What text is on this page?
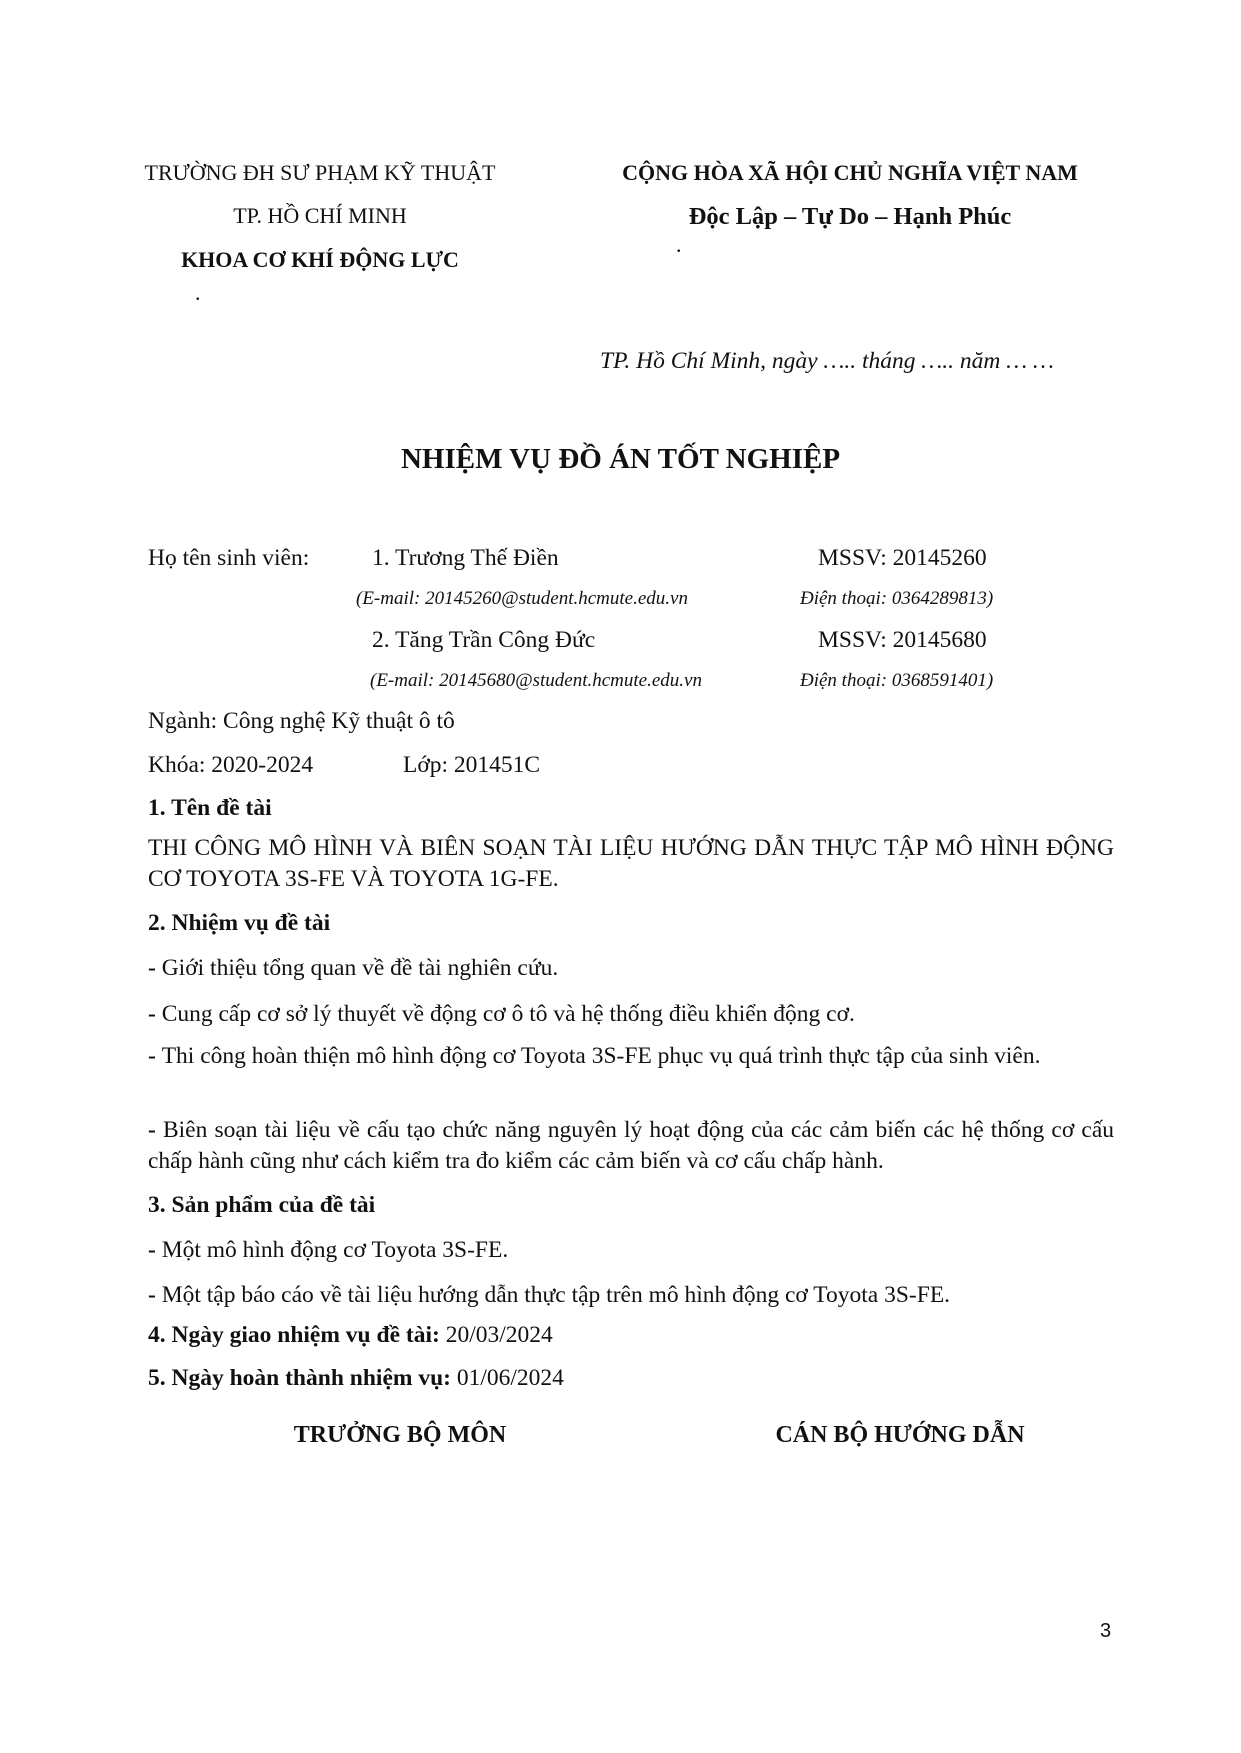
TRƯỜNG ĐH SƯ PHẠM KỸ THUẬT
TP. HỒ CHÍ MINH
KHOA CƠ KHÍ ĐỘNG LỰC
.
CỘNG HÒA XÃ HỘI CHỦ NGHĨA VIỆT NAM
Độc Lập – Tự Do – Hạnh Phúc
.
TP. Hồ Chí Minh, ngày ….. tháng ….. năm … …
NHIỆM VỤ ĐỒ ÁN TỐT NGHIỆP
Họ tên sinh viên:	1. Trương Thế Điền	MSSV: 20145260
(E-mail: 20145260@student.hcmute.edu.vn	Điện thoại: 0364289813)
2. Tăng Trần Công Đức	MSSV: 20145680
(E-mail: 20145680@student.hcmute.edu.vn	Điện thoại: 0368591401)
Ngành: Công nghệ Kỹ thuật ô tô
Khóa: 2020-2024	Lớp: 201451C
1. Tên đề tài
THI CÔNG MÔ HÌNH VÀ BIÊN SOẠN TÀI LIỆU HƯỚNG DẪN THỰC TẬP MÔ HÌNH ĐỘNG CƠ TOYOTA 3S-FE VÀ TOYOTA 1G-FE.
2. Nhiệm vụ đề tài
- Giới thiệu tổng quan về đề tài nghiên cứu.
- Cung cấp cơ sở lý thuyết về động cơ ô tô và hệ thống điều khiển động cơ.
- Thi công hoàn thiện mô hình động cơ Toyota 3S-FE phục vụ quá trình thực tập của sinh viên.
- Biên soạn tài liệu về cấu tạo chức năng nguyên lý hoạt động của các cảm biến các hệ thống cơ cấu chấp hành cũng như cách kiểm tra đo kiểm các cảm biến và cơ cấu chấp hành.
3. Sản phẩm của đề tài
- Một mô hình động cơ Toyota 3S-FE.
- Một tập báo cáo về tài liệu hướng dẫn thực tập trên mô hình động cơ Toyota 3S-FE.
4. Ngày giao nhiệm vụ đề tài: 20/03/2024
5. Ngày hoàn thành nhiệm vụ: 01/06/2024
TRƯỞNG BỘ MÔN	CÁN BỘ HƯỚNG DẪN
3
